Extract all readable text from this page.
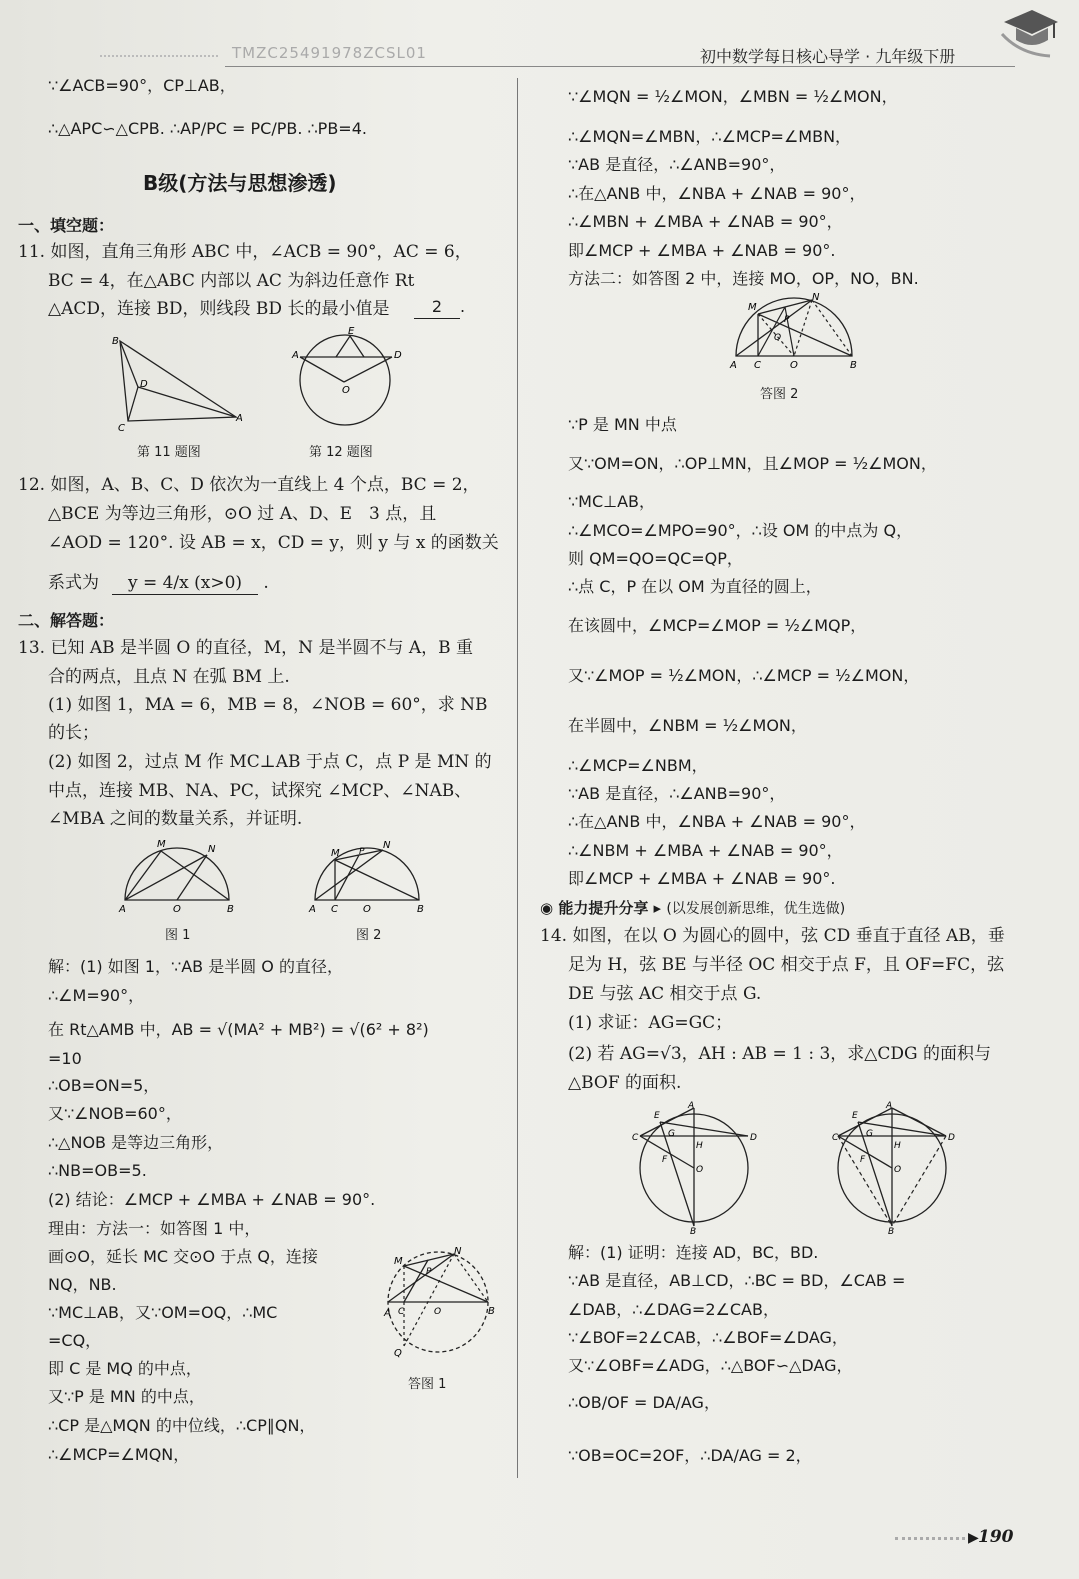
TMZC25491978ZCSL01	初中数学每日核心导学 · 九年级下册
∵∠ACB=90°，CP⊥AB，
∴△APC∽△CPB. ∴AP/PC = PC/PB. ∴PB=4.
B级(方法与思想渗透)
一、填空题：
11. 如图，直角三角形 ABC 中，∠ACB = 90°，AC = 6，
BC = 4，在△ABC 内部以 AC 为斜边任意作 Rt
△ACD，连接 BD，则线段 BD 长的最小值是	2 .
B
D
C
A
A	D
E
O
第 11 题图	第 12 题图
12. 如图，A、B、C、D 依次为一直线上 4 个点，BC = 2，
△BCE 为等边三角形，⊙O 过 A、D、E　3 点，且
∠AOD = 120°. 设 AB = x，CD = y，则 y 与 x 的函数关
系式为	y = 4/x (x>0) .
二、解答题：
13. 已知 AB 是半圆 O 的直径，M，N 是半圆不与 A，B 重
合的两点，且点 N 在弧 BM 上.
(1) 如图 1，MA = 6，MB = 8，∠NOB = 60°，求 NB
的长；
(2) 如图 2，过点 M 作 MC⊥AB 于点 C，点 P 是 MN 的
中点，连接 MB、NA、PC，试探究 ∠MCP、∠NAB、
∠MBA 之间的数量关系，并证明.
M	N
A	O	B
M
N
P
A C	O	B
图 1	图 2
解：(1) 如图 1，∵AB 是半圆 O 的直径，
∴∠M=90°，
在 Rt△AMB 中，AB = √(MA² + MB²) = √(6² + 8²)
=10
∴OB=ON=5，
又∵∠NOB=60°，
∴△NOB 是等边三角形，
∴NB=OB=5.
(2) 结论：∠MCP + ∠MBA + ∠NAB = 90°.
理由：方法一：如答图 1 中，
画⊙O，延长 MC 交⊙O 于点 Q，连接
NQ，NB.
∵MC⊥AB，又∵OM=OQ，∴MC
=CQ，
即 C 是 MQ 的中点，
又∵P 是 MN 的中点，
∴CP 是△MQN 的中位线，∴CP∥QN，
∴∠MCP=∠MQN，
M
N
P
A C	O	B
Q
答图 1
∵∠MQN = ½∠MON，∠MBN = ½∠MON，
∴∠MQN=∠MBN，∴∠MCP=∠MBN，
∵AB 是直径，∴∠ANB=90°，
∴在△ANB 中，∠NBA + ∠NAB = 90°，
∴∠MBN + ∠MBA + ∠NAB = 90°，
即∠MCP + ∠MBA + ∠NAB = 90°.
方法二：如答图 2 中，连接 MO，OP，NO，BN.
M
N
P
Q
A C	O	B
答图 2
∵P 是 MN 中点
又∵OM=ON，∴OP⊥MN，且∠MOP = ½∠MON，
∵MC⊥AB，
∴∠MCO=∠MPO=90°，∴设 OM 的中点为 Q，
则 QM=QO=QC=QP，
∴点 C，P 在以 OM 为直径的圆上，
在该圆中，∠MCP=∠MOP = ½∠MQP，
又∵∠MOP = ½∠MON，∴∠MCP = ½∠MON，
在半圆中，∠NBM = ½∠MON，
∴∠MCP=∠NBM，
∵AB 是直径，∴∠ANB=90°，
∴在△ANB 中，∠NBA + ∠NAB = 90°，
∴∠NBM + ∠MBA + ∠NAB = 90°，
即∠MCP + ∠MBA + ∠NAB = 90°.
◉ 能力提升分享 ▸ (以发展创新思维，优生选做)
14. 如图，在以 O 为圆心的圆中，弦 CD 垂直于直径 AB，垂
足为 H，弦 BE 与半径 OC 相交于点 F，且 OF=FC，弦
DE 与弦 AC 相交于点 G.
(1) 求证：AG=GC；
(2) 若 AG=√3，AH : AB = 1 : 3，求△CDG 的面积与
△BOF 的面积.
A
E
C	D
G
H
F
O
B
A
E
C	D
G
H
F
O
B
解：(1) 证明：连接 AD，BC，BD.
∵AB 是直径，AB⊥CD，∴BC = BD，∠CAB =
∠DAB，∴∠DAG=2∠CAB，
∵∠BOF=2∠CAB，∴∠BOF=∠DAG，
又∵∠OBF=∠ADG，∴△BOF∽△DAG，
∴OB/OF = DA/AG，
∵OB=OC=2OF，∴DA/AG = 2，
▶ 190
